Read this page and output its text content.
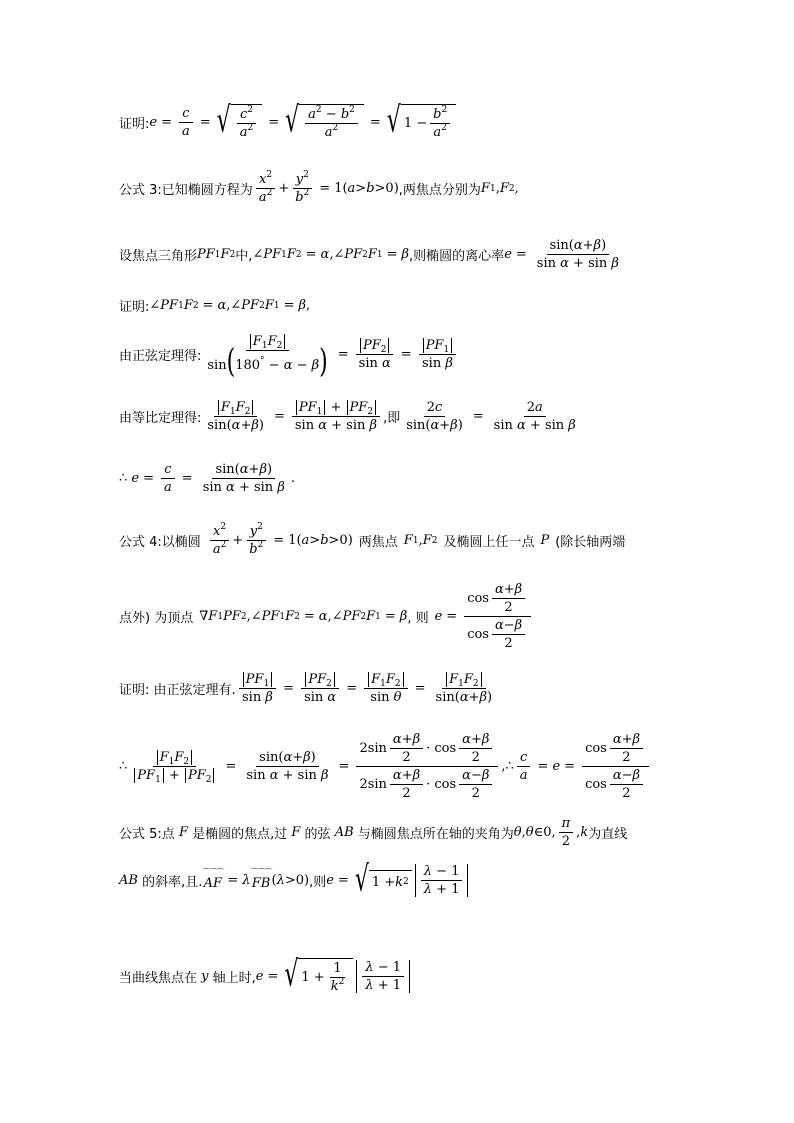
证明: $e = \frac{c}{a}$ = √ $\frac{c^2}{a^2}$ = √ $\frac{a^2 - b^2}{a^2}$ = √ $1 - \frac{b^2}{a^2}$
公式 3: 已知椭圆方程为 $\frac{x^2}{a^2} + \frac{y^2}{b^2} = 1$( a > b >0) ,两焦点分别为 F 1 , F 2 ,
设焦点三角形 PF 1 F 2 中, ∠ PF 1 F 2 = α ,∠ PF 2 F 1 = β ,则椭圆的离心率 $e = \frac{\sin(\alpha+\beta)}{\text{sin α + sin β}}$
证明: ∠ PF 1 F 2 = α ,∠ PF 2 F 1 = β ,
由正弦定理得: $\frac{F_1F_2}{\sin(180^\circ - \alpha - \beta)} = \frac{PF_2}{\text{sin α}} = \frac{PF_1}{\text{sin β}}$
由等比定理得: $\frac{F_1F_2}{\sin(\alpha+\beta)} = \frac{PF_1 + PF_2}{\text{sin α + sin β}}$ ,即 $\frac{2c}{\sin(\alpha+\beta)} = \frac{2a}{\text{sin α + sin β}}$
∴ $e = \frac{c}{a} = \frac{\sin(\alpha+\beta)}{\text{sin α + sin β}}$ .
公式 4: 以椭圆 $\frac{x^2}{a^2} + \frac{y^2}{b^2} = 1$( a > b >0) 两焦点 F 1 , F 2 及椭圆上任一点 P (除长轴两端
点外) 为顶点 ∇ F 1 PF 2 ,∠ PF 1 F 2 = α ,∠ PF 2 F 1 = β , 则 $e = \frac{\cos \frac{\alpha+\beta}{2}}{\cos \frac{\alpha-\beta}{2}}$
证明: 由正弦定理有. $\frac{PF_1}{\text{sin β}} = \frac{PF_2}{\text{sin α}} = \frac{F_1F_2}{\text{sin θ}} = \frac{F_1F_2}{\sin(\alpha+\beta)}$
∴ $\frac{F_1F_2}{PF_1 + PF_2} = \frac{\sin(\alpha+\beta)}{\text{sin α + sin β}} = \frac{2\sin \frac{\alpha+\beta}{2} \cdot \cos \frac{\alpha+\beta}{2}}{2\sin \frac{\alpha+\beta}{2} \cdot \cos \frac{\alpha-\beta}{2}}$ ,∴ $\frac{c}{a} = e = \frac{\cos \frac{\alpha+\beta}{2}}{\cos \frac{\alpha-\beta}{2}}$
公式 5: 点 F 是椭圆的焦点,过 F 的弦 AB 与椭圆焦点所在轴的夹角为 θ , θ ∈0, $\frac{\pi}{2}$ , k 为直线
AB 的斜率,且.
⌒⌒⌒
AF = λ
⌒⌒⌒
FB ( λ >0) ,则 e = √ 1 + k $2 \frac{\lambda - 1}{\lambda + 1}$
当曲线焦点在 y 轴上时, e = √ $1 + \frac{1}{k^2} \frac{\lambda - 1}{\lambda + 1}$
